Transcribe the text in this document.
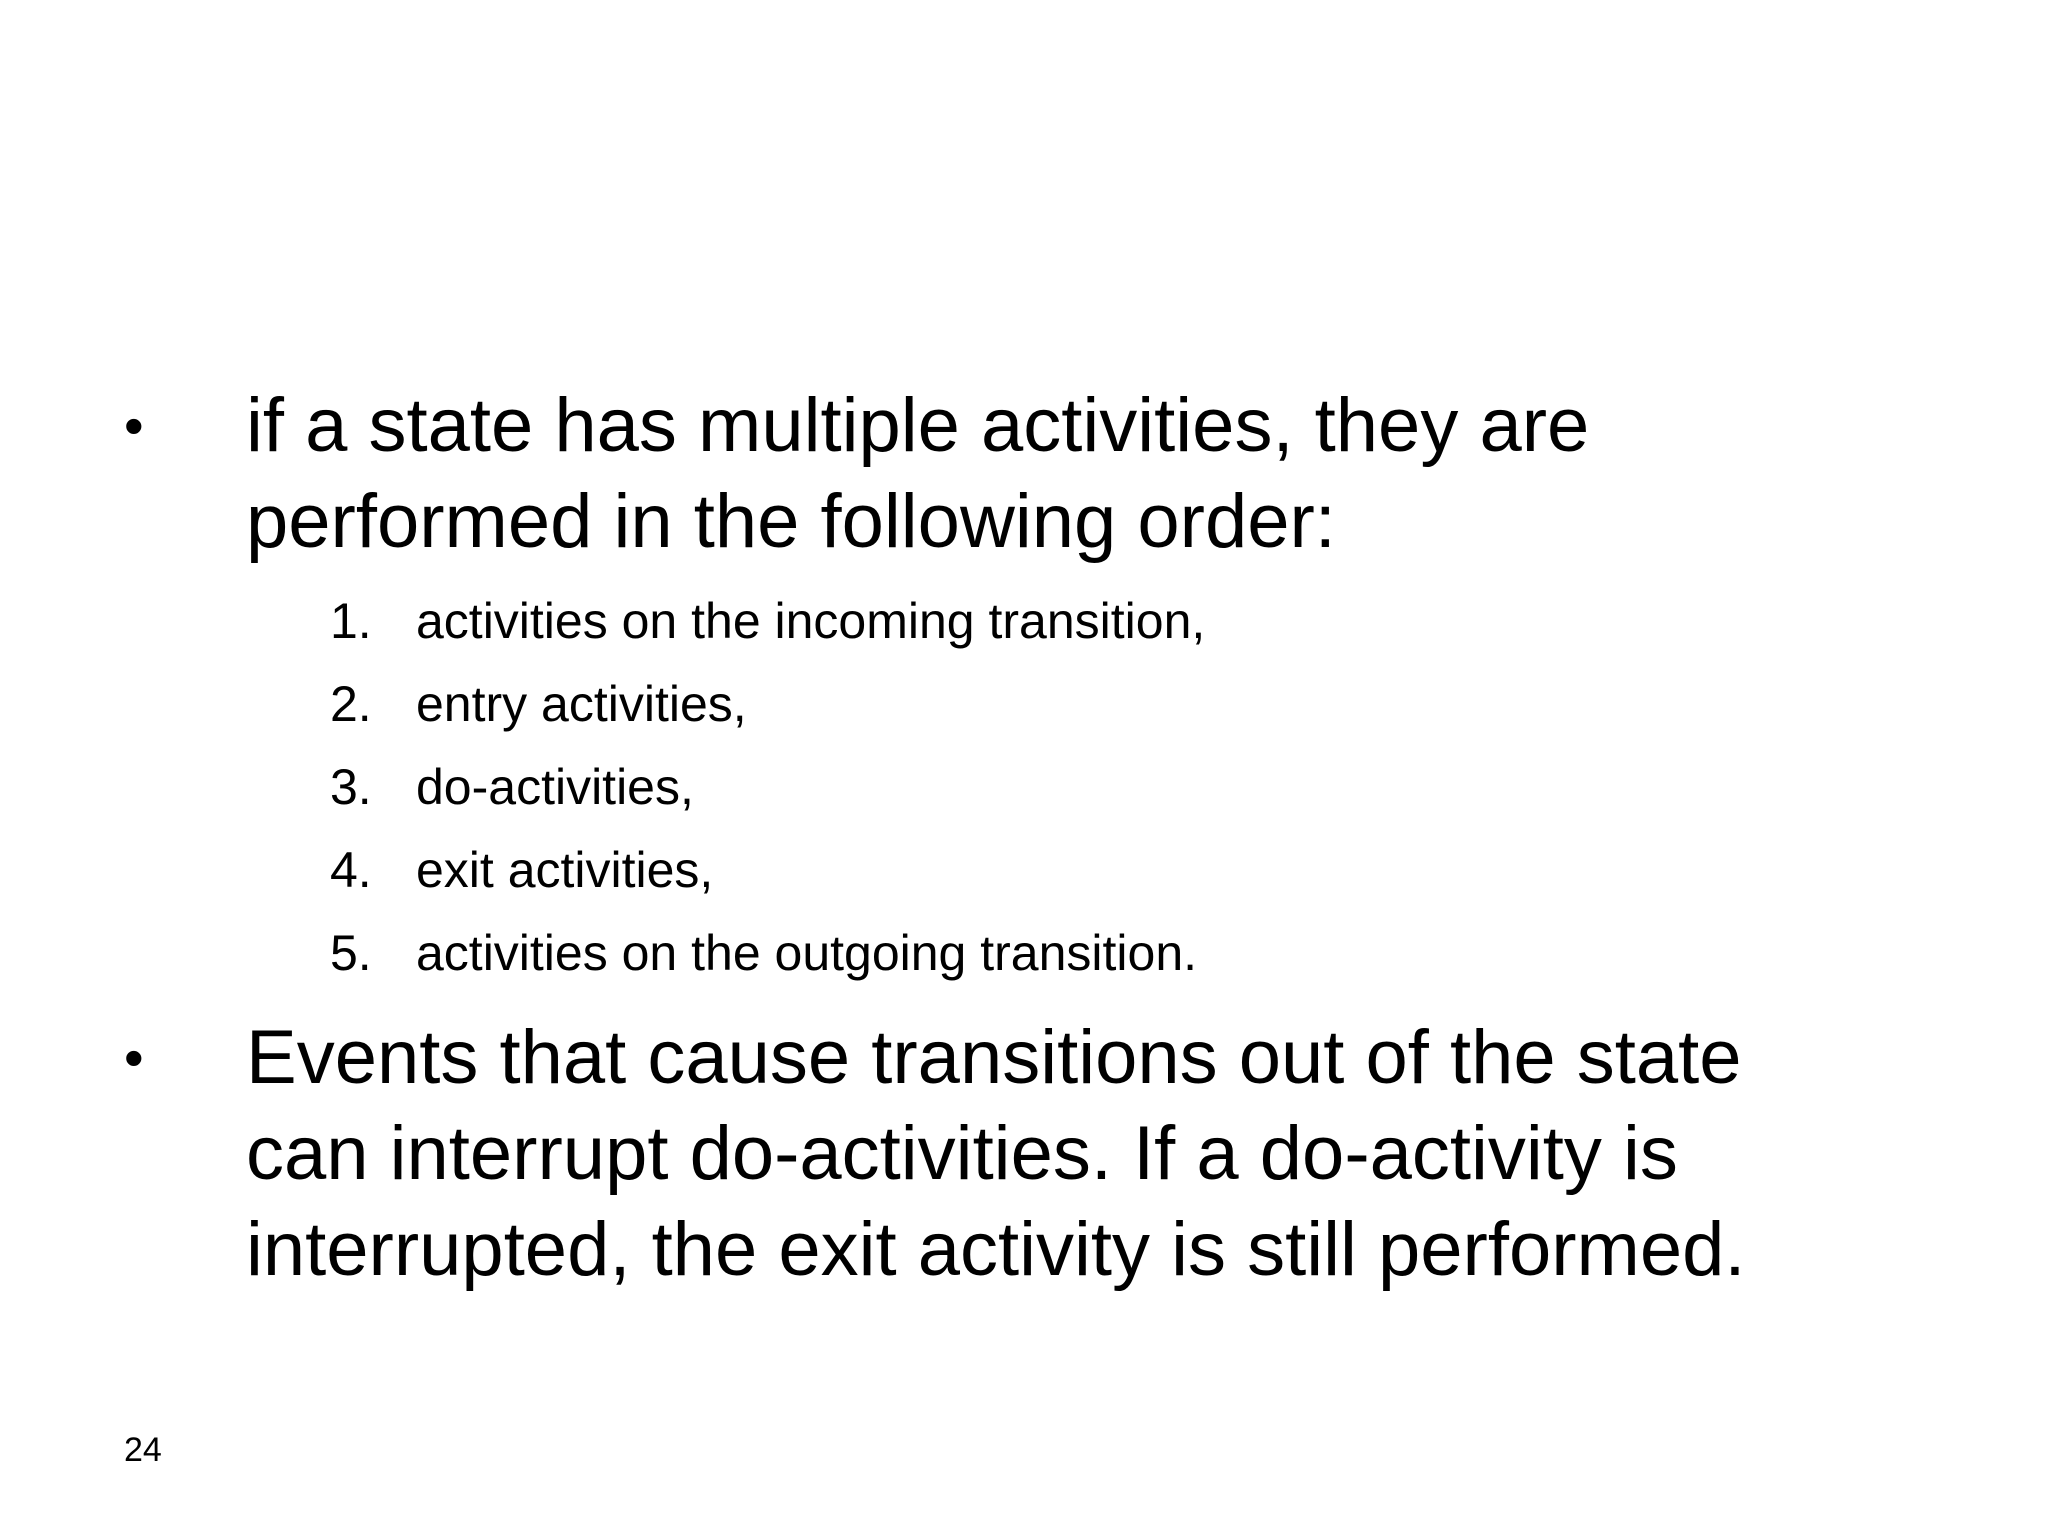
• if a state has multiple activities, they are
performed in the following order:
1. activities on the incoming transition,
2. entry activities,
3. do-activities,
4. exit activities,
5. activities on the outgoing transition.
• Events that cause transitions out of the state
can interrupt do-activities. If a do-activity is
interrupted, the exit activity is still performed.
24
